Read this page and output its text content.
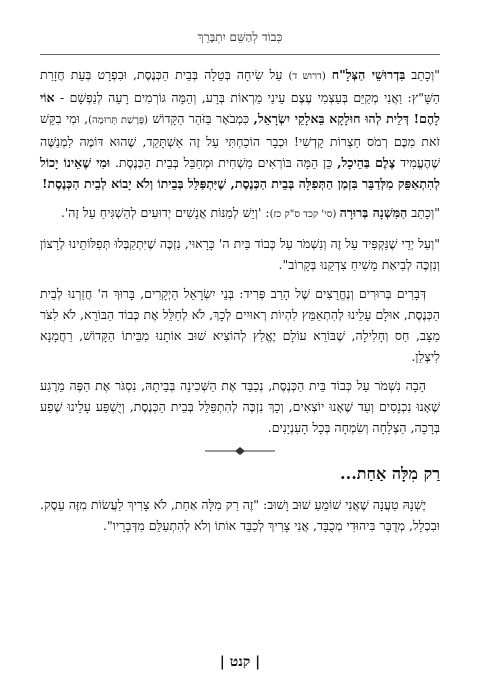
כְּבוֹד לְהַשֵּׁם יִתְבָּרֵךְ

"וְכָתַב בִּדְרוּשֵׁי הַצְּלָ"ח (דרוש ד) עַל שִׂיחָה בְּטֵלָה בְּבֵית הַכְּנֶסֶת, וּבִפְרָט בְּעֵת חֲזָרַת הַשָּׁ"ץ: וַאֲנִי מְקַיֵּם בְּעַצְמִי עֶצֶם עֵינַי מֵרְאוֹת בְּרָע, וְהֵמָּה גּוֹרְמִים רָעָה לְנַפְשָׁם - אוֹי לָהֶם! דְּלֵית לְהוּ חוּלָקָא בֵּאלָקֵי יִשְׂרָאֵל, כִּמְבֹאָר בַּזֹּהַר הַקָּדוֹשׁ (פָּרָשַׁת תְּרוּמָה), וּמִי בִקֵּשׁ זֹאת מִכֶּם רְמֹס חַצְרוֹת קָדְשִׁי! וּכְבָר הוֹכַחְתִּי עַל זֶה אַשְׁתָּקַד, שֶׁהוּא דּוֹמֶה לִמְנַשֶּׁה שֶׁהֶעֱמִיד צֶלֶם בַּהֵיכָל, כֵּן הֵמָּה בּוֹרְאִים מַשְׁחִית וּמְחַבֵּל בְּבֵית הַכְּנֶסֶת. וּמִי שֶׁאֵינוֹ יָכוֹל לְהִתְאַפֵּק מִלְּדַבֵּר בִּזְמַן הַתְּפִלָּה בְּבֵית הַכְּנֶסֶת, שֶׁיִּתְפַּלֵּל בְּבֵיתוֹ וְלֹא יָבוֹא לְבֵית הַכְּנֶסֶת!

"וְכָתַב הַמִּשְׁנָה בְּרוּרָה (סי' קכד ס"ק כז): 'וְיֵשׁ לְמַנּוֹת אֲנָשִׁים יְדוּעִים לְהַשְׁגִּיחַ עַל זֶה'.

"וְעַל יְדֵי שֶׁנַּקְפִּיד עַל זֶה וְנִשְׁמֹר עַל כְּבוֹד בֵּית ה' כָּרָאוּי, נִזְכֶּה שֶׁיִּתְקַבְּלוּ תְּפִלּוֹתֵינוּ לְרָצוֹן וְנִזְכֶּה לְבִיאַת מָשִׁיחַ צִדְקֵנוּ בְּקָרוֹב".

דְּבָרִים בְּרוּרִים וְנֶחֱרָצִים שֶׁל הָרַב פְּרִיד: בְּנֵי יִשְׂרָאֵל הַיְקָרִים, בָּרוּךְ ה' חֲזַרְנוּ לְבֵית הַכְּנֶסֶת, אוּלָם עָלֵינוּ לְהִתְאַמֵּץ לִהְיוֹת רְאוּיִים לְכָךְ, לֹא לְחַלֵּל אֶת כְּבוֹד הַבּוֹרֵא, לֹא לִצֹּר מַצָּב, חַס וְחָלִילָה, שֶׁבּוֹרֵא עוֹלָם יֶאֱלַץ לְהוֹצִיא שׁוּב אוֹתָנוּ מִבֵּיתוֹ הַקָּדוֹשׁ, רַחֲמָנָא לִיצְלַן.

הָבָה נִשְׁמֹר עַל כְּבוֹד בֵּית הַכְּנֶסֶת, נְכַבֵּד אֶת הַשְּׁכִינָה בְּבֵיתָהּ, נִסְגֹּר אֶת הַפֶּה מֵרֶגַע שֶׁאָנוּ נִכְנָסִים וְעַד שֶׁאָנוּ יוֹצְאִים, וְכָךְ נִזְכֶּה לְהִתְפַּלֵּל בְּבֵית הַכְּנֶסֶת, וְיֻשְׁפַּע עָלֵינוּ שֶׁפַע בְּרָכָה, הַצְלָחָה וְשִׂמְחָה בְּכָל הָעִנְיָנִים.

רַק מִלָּה אַחַת...

יֶשְׁנָהּ טַעֲנָה שֶׁאֲנִי שׁוֹמֵעַ שׁוּב וָשׁוּב: "זֶה רַק מִלָּה אַחַת, לֹא צָרִיךְ לַעֲשׂוֹת מִזֶּה עֵסֶק. וּבִכְלָל, מְדֻבָּר בִּיהוּדִי מְכֻבָּד, אֲנִי צָרִיךְ לְכַבֵּד אוֹתוֹ וְלֹא לְהִתְעַלֵּם מִדְּבָרָיו".

| קנט |
